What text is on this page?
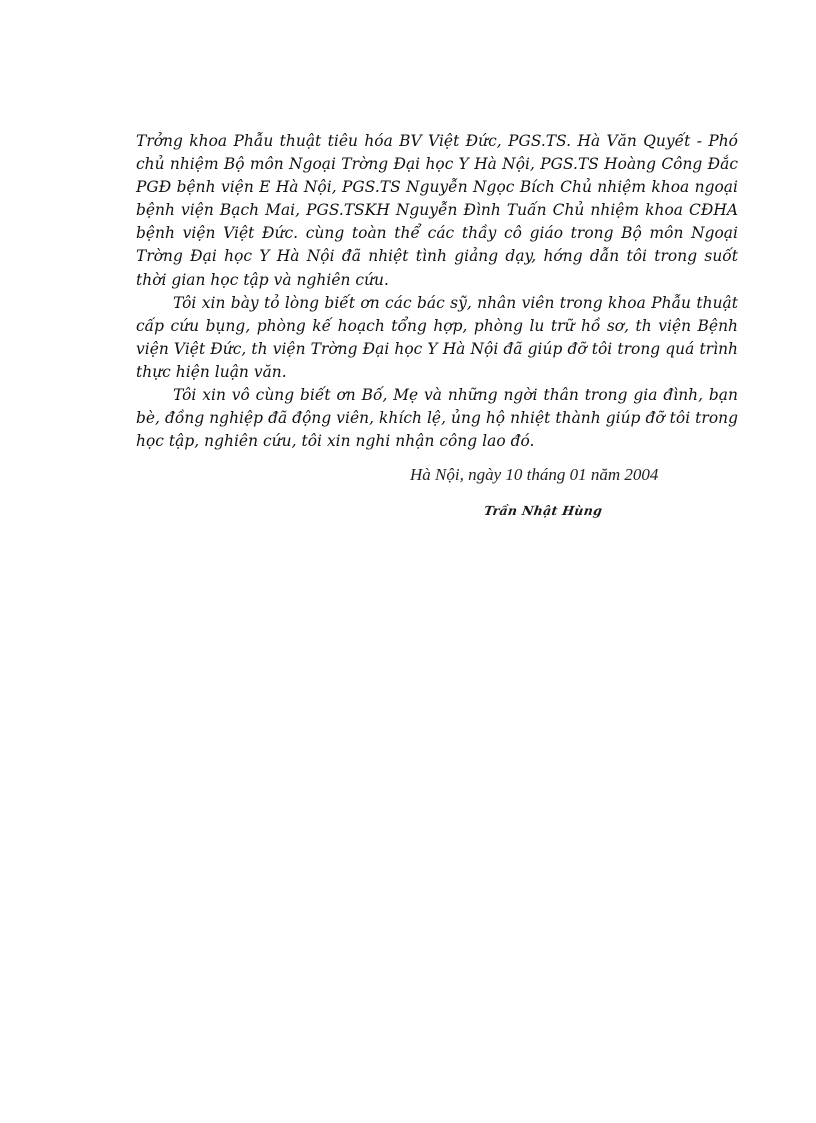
Trởng khoa Phẫu thuật tiêu hóa BV Việt Đức, PGS.TS. Hà Văn Quyết - Phó chủ nhiệm Bộ môn Ngoại Trờng Đại học Y Hà Nội, PGS.TS Hoàng Công Đắc PGĐ bệnh viện E Hà Nội, PGS.TS Nguyễn Ngọc Bích Chủ nhiệm khoa ngoại bệnh viện Bạch Mai, PGS.TSKH Nguyễn Đình Tuấn Chủ nhiệm khoa CĐHA bệnh viện Việt Đức. cùng toàn thể các thầy cô giáo trong Bộ môn Ngoại Trờng Đại học Y Hà Nội đã nhiệt tình giảng dạy, hớng dẫn tôi trong suốt thời gian học tập và nghiên cứu.

Tôi xin bày tỏ lòng biết ơn các bác sỹ, nhân viên trong khoa Phẫu thuật cấp cứu bụng, phòng kế hoạch tổng hợp, phòng lu trữ hồ sơ, th viện Bệnh viện Việt Đức, th viện Trờng Đại học Y Hà Nội đã giúp đỡ tôi trong quá trình thực hiện luận văn.

Tôi xin vô cùng biết ơn Bố, Mẹ và những ngời thân trong gia đình, bạn bè, đồng nghiệp đã động viên, khích lệ, ủng hộ nhiệt thành giúp đỡ tôi trong học tập, nghiên cứu, tôi xin nghi nhận công lao đó.

Hà Nội, ngày 10 tháng 01 năm 2004
Trần Nhật Hùng
